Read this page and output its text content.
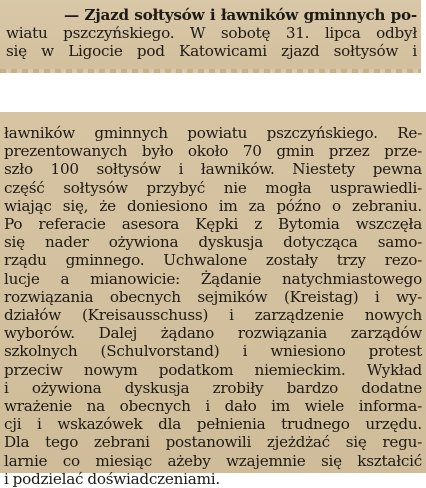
— Zjazd sołtysów i ławników gminnych po-
wiatu pszczyńskiego. W sobotę 31. lipca odbył
się w Ligocie pod Katowicami zjazd sołtysów i
ławników gminnych powiatu pszczyńskiego. Re-
prezentowanych było około 70 gmin przez prze-
szło 100 sołtysów i ławników. Niestety pewna
część sołtysów przybyć nie mogła usprawiedli-
wiając się, że doniesiono im za późno o zebraniu.
Po referacie asesora Kępki z Bytomia wszczęła
się nader ożywiona dyskusja dotycząca samo-
rządu gminnego. Uchwalone zostały trzy rezo-
lucje a mianowicie: Żądanie natychmiastowego
rozwiązania obecnych sejmików (Kreistag) i wy-
działów (Kreisausschuss) i zarządzenie nowych
wyborów. Dalej żądano rozwiązania zarządów
szkolnych (Schulvorstand) i wniesiono protest
przeciw nowym podatkom niemieckim. Wykład
i ożywiona dyskusja zrobiły bardzo dodatne
wrażenie na obecnych i dało im wiele informa-
cji i wskazówek dla pełnienia trudnego urzędu.
Dla tego zebrani postanowili zjeżdżać się regu-
larnie co miesiąc ażeby wzajemnie się kształcić
i podzielać doświadczeniami.
